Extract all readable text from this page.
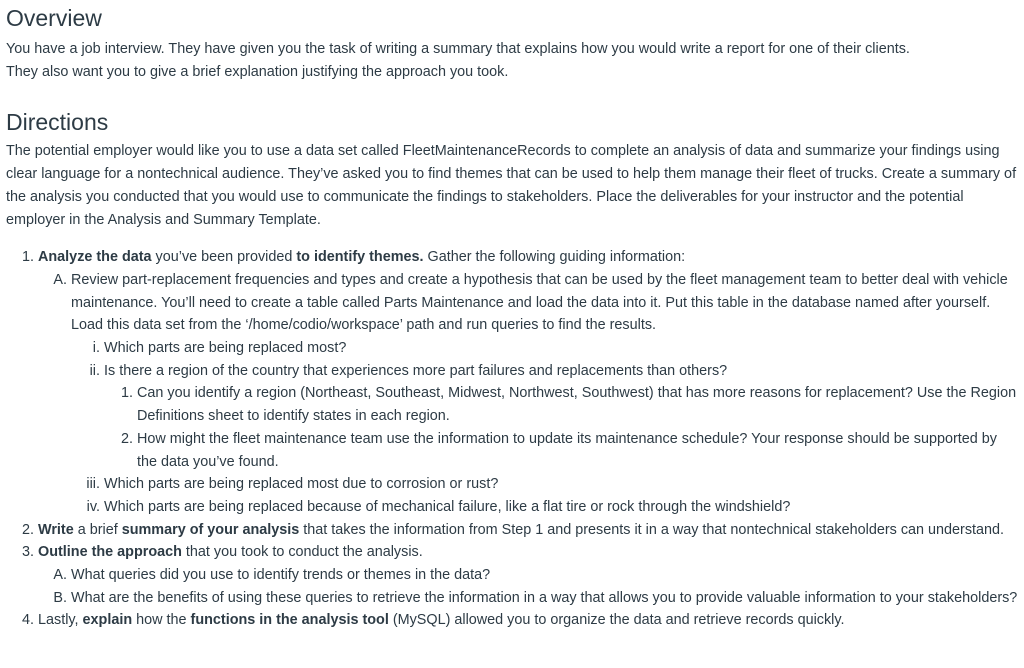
Overview

You have a job interview. They have given you the task of writing a summary that explains how you would write a report for one of their clients.
They also want you to give a brief explanation justifying the approach you took.

Directions

The potential employer would like you to use a data set called FleetMaintenanceRecords to complete an analysis of data and summarize your findings using clear language for a nontechnical audience. They’ve asked you to find themes that can be used to help them manage their fleet of trucks. Create a summary of the analysis you conducted that you would use to communicate the findings to stakeholders. Place the deliverables for your instructor and the potential employer in the Analysis and Summary Template.

1. Analyze the data you’ve been provided to identify themes. Gather the following guiding information:
A. Review part-replacement frequencies and types and create a hypothesis that can be used by the fleet management team to better deal with vehicle maintenance. You’ll need to create a table called Parts Maintenance and load the data into it. Put this table in the database named after yourself. Load this data set from the ‘/home/codio/workspace’ path and run queries to find the results.
i. Which parts are being replaced most?
ii. Is there a region of the country that experiences more part failures and replacements than others?
1. Can you identify a region (Northeast, Southeast, Midwest, Northwest, Southwest) that has more reasons for replacement? Use the Region Definitions sheet to identify states in each region.
2. How might the fleet maintenance team use the information to update its maintenance schedule? Your response should be supported by the data you’ve found.
iii. Which parts are being replaced most due to corrosion or rust?
iv. Which parts are being replaced because of mechanical failure, like a flat tire or rock through the windshield?
2. Write a brief summary of your analysis that takes the information from Step 1 and presents it in a way that nontechnical stakeholders can understand.
3. Outline the approach that you took to conduct the analysis.
A. What queries did you use to identify trends or themes in the data?
B. What are the benefits of using these queries to retrieve the information in a way that allows you to provide valuable information to your stakeholders?
4. Lastly, explain how the functions in the analysis tool (MySQL) allowed you to organize the data and retrieve records quickly.
